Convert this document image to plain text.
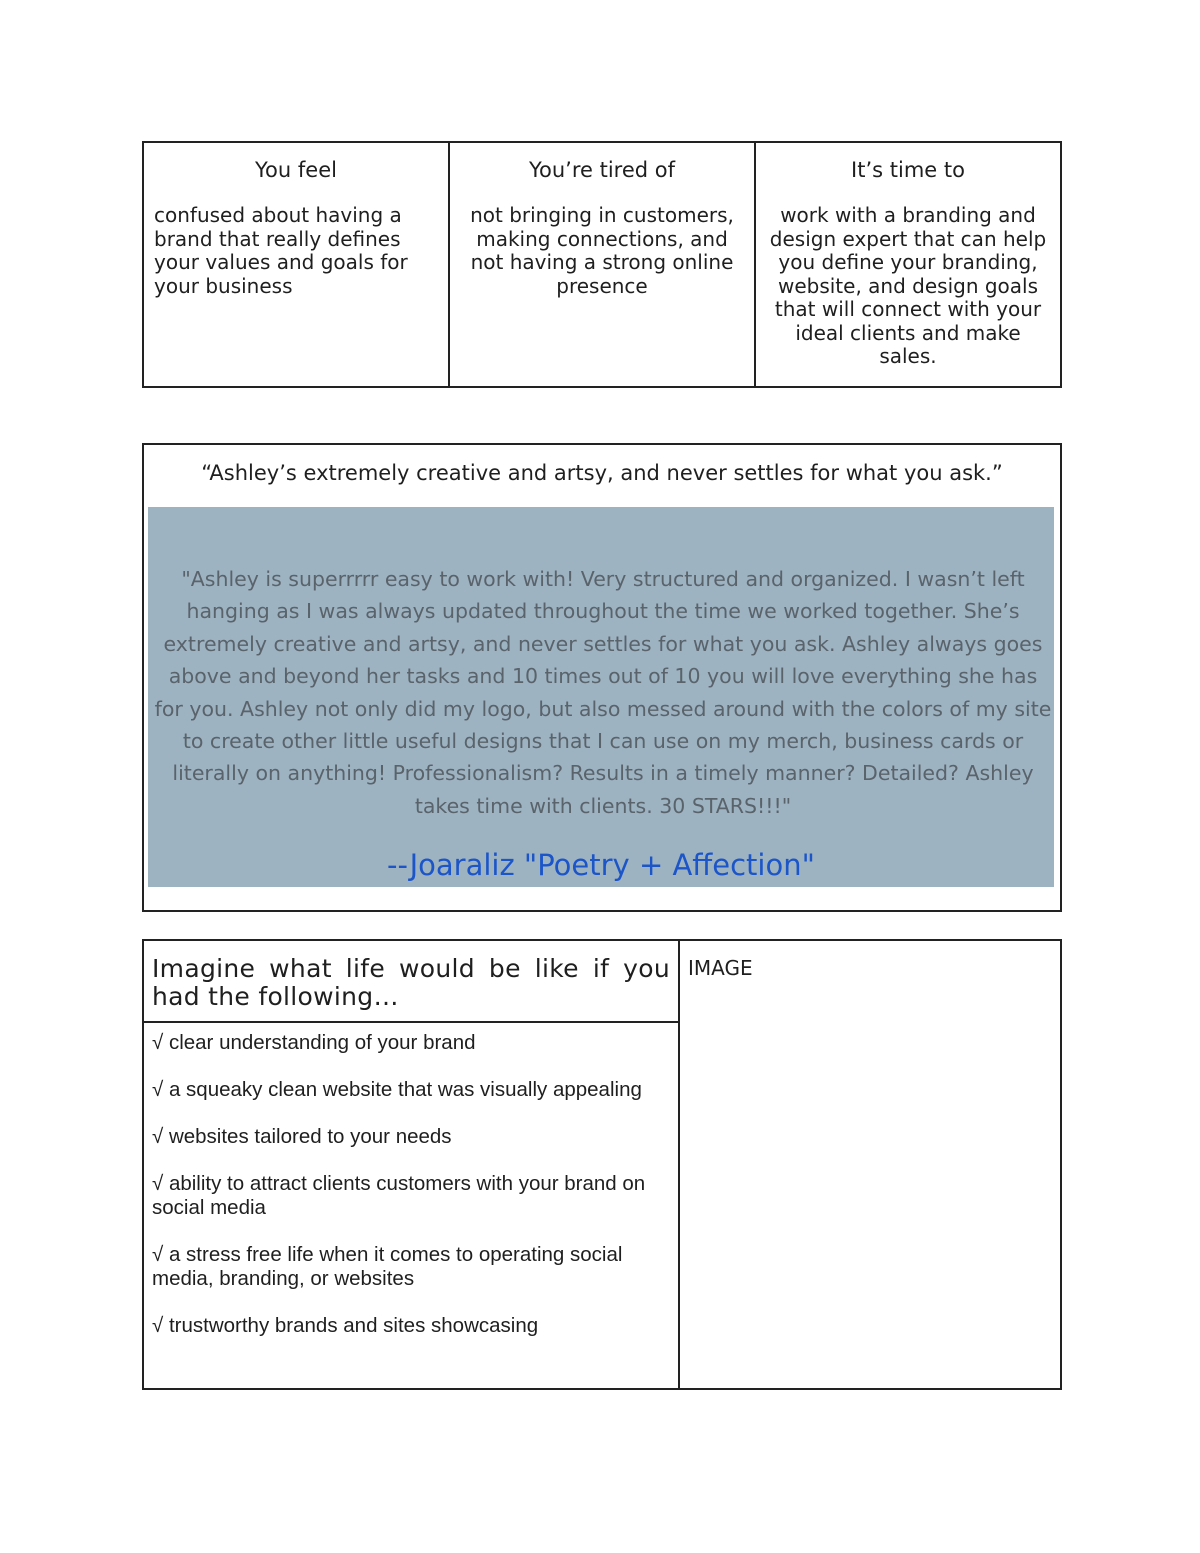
You feel
confused about having a brand that really defines your values and goals for your business
You’re tired of
not bringing in customers, making connections, and not having a strong online presence
It’s time to
work with a branding and design expert that can help you define your branding, website, and design goals that will connect with your ideal clients and make sales.
“Ashley’s extremely creative and artsy, and never settles for what you ask.”
"Ashley is superrrrr easy to work with! Very structured and organized. I wasn’t left hanging as I was always updated throughout the time we worked together. She’s extremely creative and artsy, and never settles for what you ask. Ashley always goes above and beyond her tasks and 10 times out of 10 you will love everything she has for you. Ashley not only did my logo, but also messed around with the colors of my site to create other little useful designs that I can use on my merch, business cards or literally on anything! Professionalism? Results in a timely manner? Detailed? Ashley takes time with clients. 30 STARS!!!"
--Joaraliz "Poetry + Affection"
Imagine what life would be like if you had the following…
√ clear understanding of your brand
√ a squeaky clean website that was visually appealing
√ websites tailored to your needs
√ ability to attract clients customers with your brand on social media
√ a stress free life when it comes to operating social media, branding, or websites
√ trustworthy brands and sites showcasing
IMAGE
